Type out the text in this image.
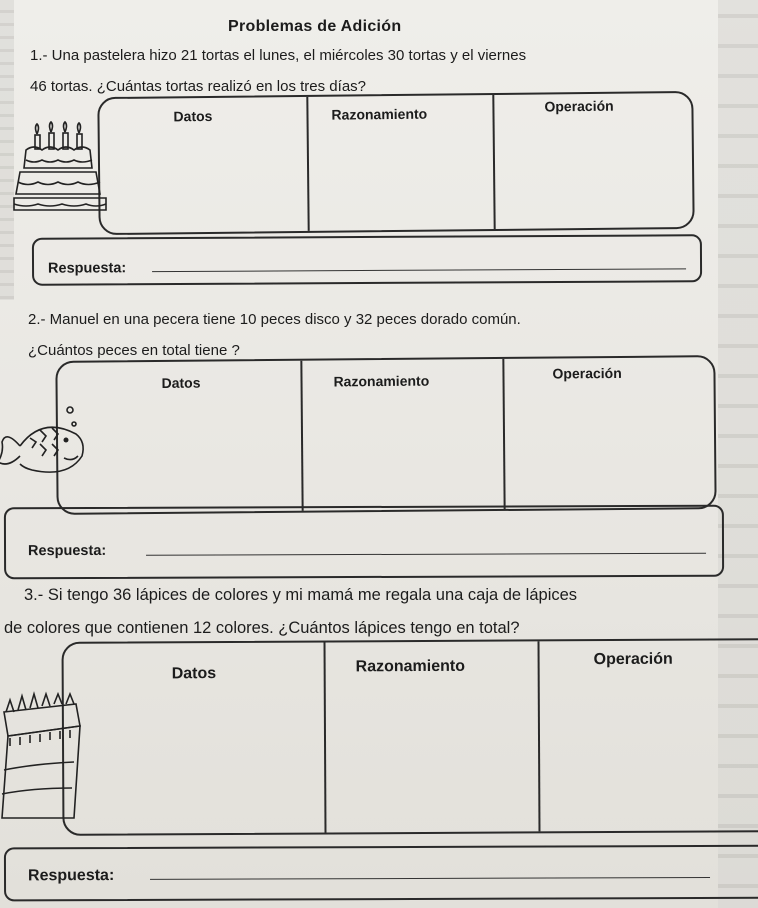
Problemas de Adición
1.- Una pastelera hizo 21 tortas el lunes, el miércoles 30 tortas y el viernes
46 tortas. ¿Cuántas tortas realizó en los tres días?
Datos	Razonamiento	Operación
Respuesta:
2.- Manuel en una pecera tiene 10 peces disco y 32 peces dorado común.
¿Cuántos peces en total tiene ?
Datos	Razonamiento	Operación
Respuesta:
3.- Si tengo 36 lápices de colores y mi mamá me regala una caja de lápices
de colores que contienen 12 colores. ¿Cuántos lápices tengo en total?
Datos	Razonamiento	Operación
Respuesta:
